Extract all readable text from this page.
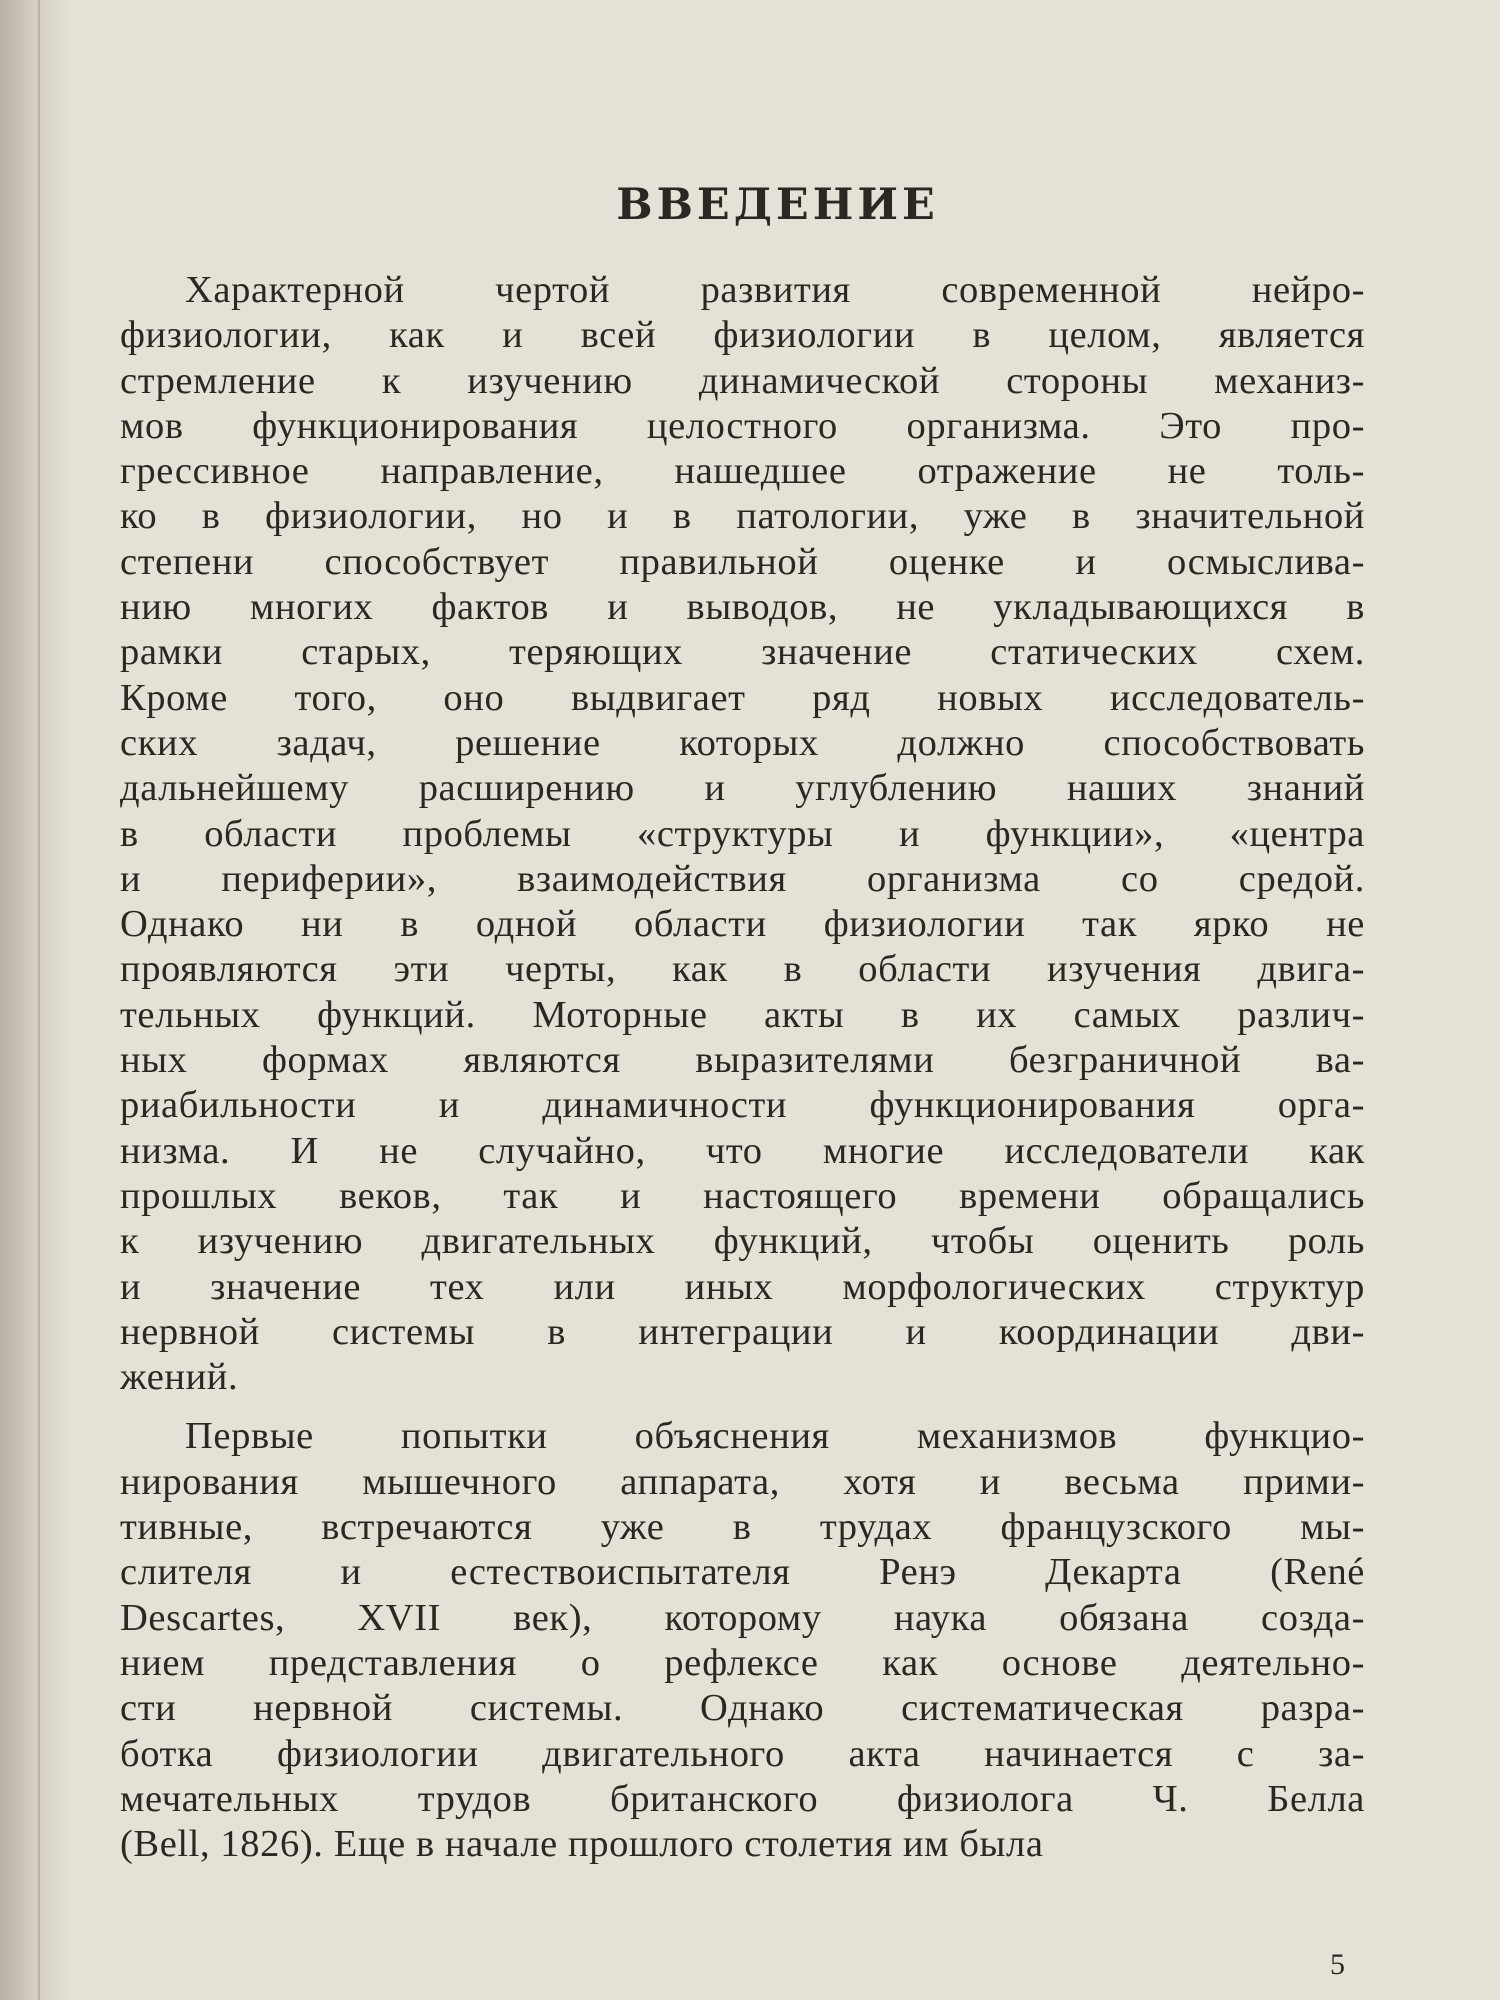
ВВЕДЕНИЕ
Характерной чертой развития современной нейро-
физиологии, как и всей физиологии в целом, является
стремление к изучению динамической стороны механиз-
мов функционирования целостного организма. Это про-
грессивное направление, нашедшее отражение не толь-
ко в физиологии, но и в патологии, уже в значительной
степени способствует правильной оценке и осмыслива-
нию многих фактов и выводов, не укладывающихся в
рамки старых, теряющих значение статических схем.
Кроме того, оно выдвигает ряд новых исследователь-
ских задач, решение которых должно способствовать
дальнейшему расширению и углублению наших знаний
в области проблемы «структуры и функции», «центра
и периферии», взаимодействия организма со средой.
Однако ни в одной области физиологии так ярко не
проявляются эти черты, как в области изучения двига-
тельных функций. Моторные акты в их самых различ-
ных формах являются выразителями безграничной ва-
риабильности и динамичности функционирования орга-
низма. И не случайно, что многие исследователи как
прошлых веков, так и настоящего времени обращались
к изучению двигательных функций, чтобы оценить роль
и значение тех или иных морфологических структур
нервной системы в интеграции и координации дви-
жений.
Первые попытки объяснения механизмов функцио-
нирования мышечного аппарата, хотя и весьма прими-
тивные, встречаются уже в трудах французского мы-
слителя и естествоиспытателя Ренэ Декарта (René
Descartes, XVII век), которому наука обязана созда-
нием представления о рефлексе как основе деятельно-
сти нервной системы. Однако систематическая разра-
ботка физиологии двигательного акта начинается с за-
мечательных трудов британского физиолога Ч. Белла
(Bell, 1826). Еще в начале прошлого столетия им была
5
